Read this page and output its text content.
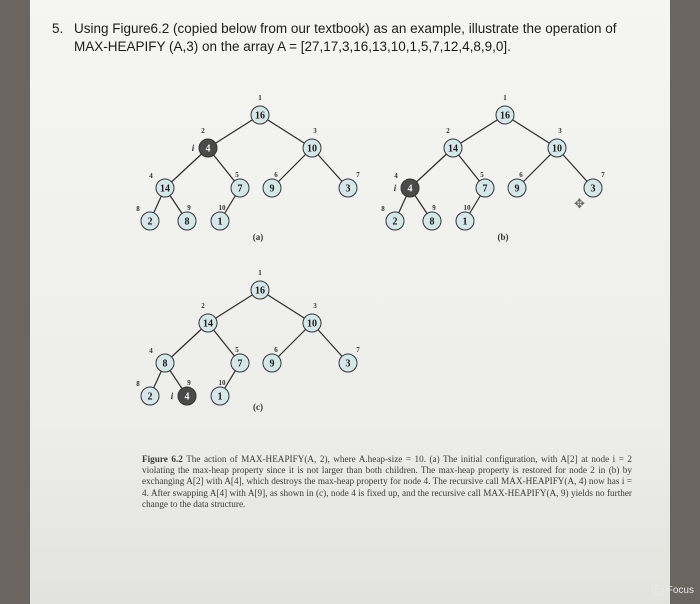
5. Using Figure6.2 (copied below from our textbook) as an example, illustrate the operation of MAX-HEAPIFY (A,3) on the array A = [27,17,3,16,13,10,1,5,7,12,4,8,9,0].
16
1
4
2
10
3
14
4
7
5
9
6
3
7
2
8
8
9
1
10
i
(a)
16
1
14
2
10
3
4
4
7
5
9
6
3
7
2
8
8
9
1
10
i
(b)
16
1
14
2
10
3
8
4
7
5
9
6
3
7
2
8
4
9
1
10
i
(c)
✥
Figure 6.2 The action of MAX-HEAPIFY(A, 2), where A.heap-size = 10. (a) The initial configuration, with A[2] at node i = 2 violating the max-heap property since it is not larger than both children. The max-heap property is restored for node 2 in (b) by exchanging A[2] with A[4], which destroys the max-heap property for node 4. The recursive call MAX-HEAPIFY(A, 4) now has i = 4. After swapping A[4] with A[9], as shown in (c), node 4 is fixed up, and the recursive call MAX-HEAPIFY(A, 9) yields no further change to the data structure.
Focus
